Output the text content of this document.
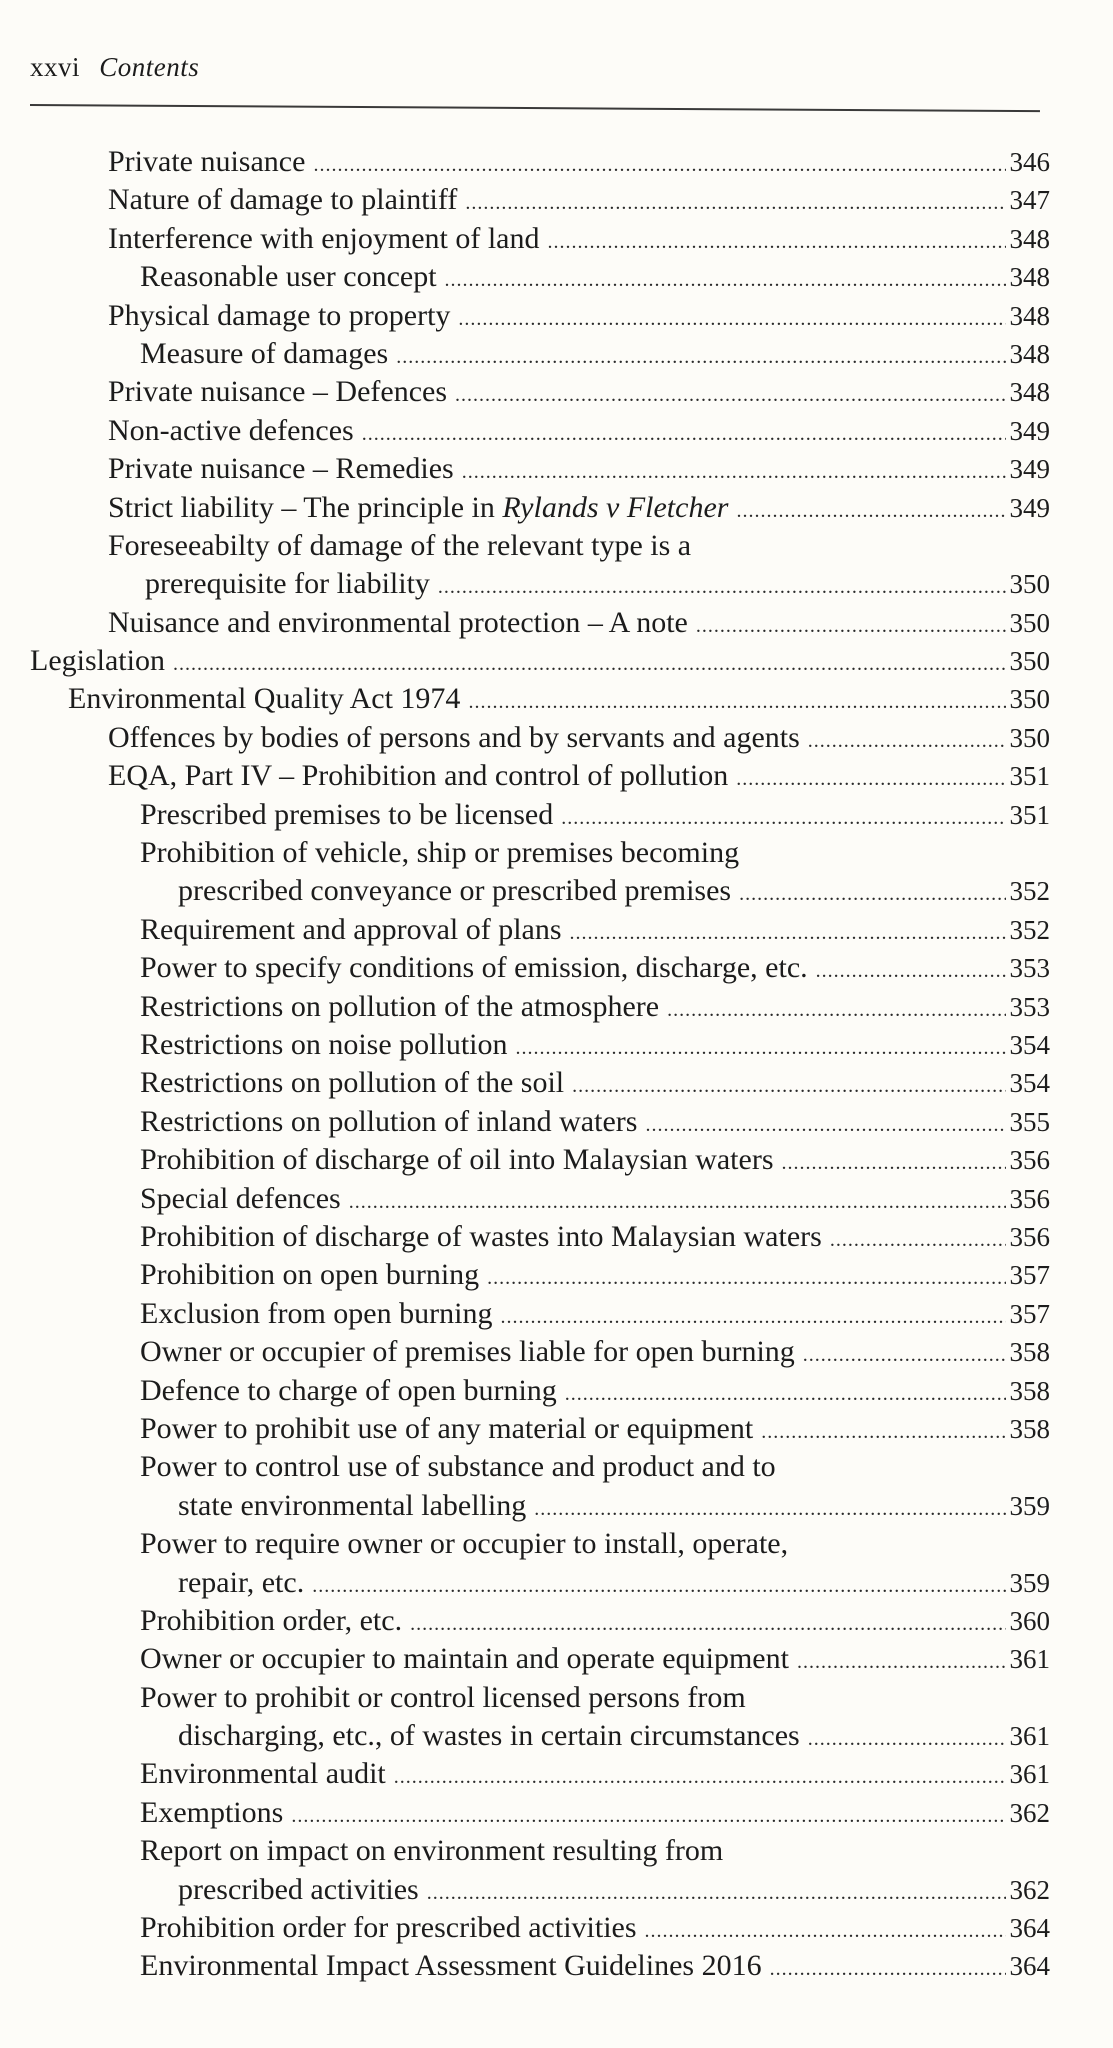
xxvi Contents
Private nuisance .....	346
Nature of damage to plaintiff .....	347
Interference with enjoyment of land .....	348
Reasonable user concept .....	348
Physical damage to property .....	348
Measure of damages .....	348
Private nuisance – Defences .....	348
Non-active defences .....	349
Private nuisance – Remedies .....	349
Strict liability – The principle in Rylands v Fletcher .....	349
Foreseeabilty of damage of the relevant type is a
prerequisite for liability .....	350
Nuisance and environmental protection – A note .....	350
Legislation .....	350
Environmental Quality Act 1974 .....	350
Offences by bodies of persons and by servants and agents .....	350
EQA, Part IV – Prohibition and control of pollution .....	351
Prescribed premises to be licensed .....	351
Prohibition of vehicle, ship or premises becoming
prescribed conveyance or prescribed premises .....	352
Requirement and approval of plans .....	352
Power to specify conditions of emission, discharge, etc. .....	353
Restrictions on pollution of the atmosphere .....	353
Restrictions on noise pollution .....	354
Restrictions on pollution of the soil .....	354
Restrictions on pollution of inland waters .....	355
Prohibition of discharge of oil into Malaysian waters .....	356
Special defences .....	356
Prohibition of discharge of wastes into Malaysian waters .....	356
Prohibition on open burning .....	357
Exclusion from open burning .....	357
Owner or occupier of premises liable for open burning .....	358
Defence to charge of open burning .....	358
Power to prohibit use of any material or equipment .....	358
Power to control use of substance and product and to
state environmental labelling .....	359
Power to require owner or occupier to install, operate,
repair, etc. .....	359
Prohibition order, etc. .....	360
Owner or occupier to maintain and operate equipment .....	361
Power to prohibit or control licensed persons from
discharging, etc., of wastes in certain circumstances .....	361
Environmental audit .....	361
Exemptions .....	362
Report on impact on environment resulting from
prescribed activities .....	362
Prohibition order for prescribed activities .....	364
Environmental Impact Assessment Guidelines 2016 .....	364
